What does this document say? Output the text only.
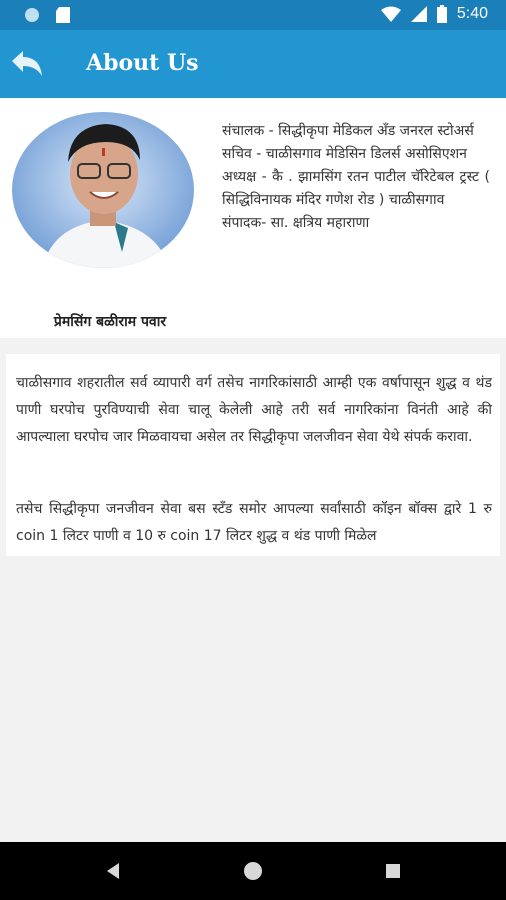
5:40
About Us
प्रेमसिंग बळीराम पवार

संचालक - सिद्धीकृपा मेडिकल अँड जनरल स्टोअर्स

सचिव - चाळीसगाव मेडिसिन डिलर्स असोसिएशन

अध्यक्ष - कै . झामसिंग रतन पाटील चॅरिटेबल ट्रस्ट ( सिद्धिविनायक मंदिर गणेश रोड ) चाळीसगाव

संपादक- सा. क्षत्रिय महाराणा

चाळीसगाव शहरातील सर्व व्यापारी वर्ग तसेच नागरिकांसाठी आम्ही एक वर्षापासून शुद्ध व थंड पाणी घरपोच पुरविण्याची सेवा चालू केलेली आहे तरी सर्व नागरिकांना विनंती आहे की आपल्याला घरपोच जार मिळवायचा असेल तर सिद्धीकृपा जलजीवन सेवा येथे संपर्क करावा.

तसेच सिद्धीकृपा जनजीवन सेवा बस स्टँड समोर आपल्या सर्वांसाठी कॉइन बॉक्स द्वारे 1 रु coin 1 लिटर पाणी व 10 रु coin 17 लिटर शुद्ध व थंड पाणी मिळेल
